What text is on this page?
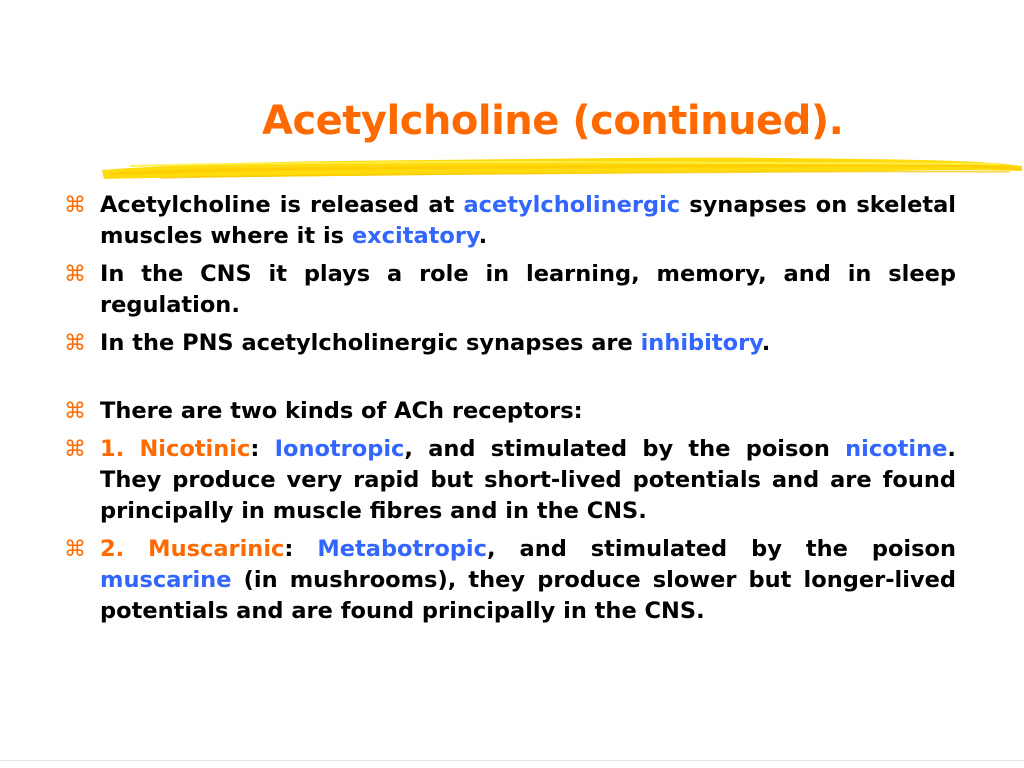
Acetylcholine (continued).
⌘ Acetylcholine is released at acetylcholinergic synapses on skeletal muscles where it is excitatory.
⌘ In the CNS it plays a role in learning, memory, and in sleep regulation.
⌘ In the PNS acetylcholinergic synapses are inhibitory.
⌘ There are two kinds of ACh receptors:
⌘ 1. Nicotinic: Ionotropic, and stimulated by the poison nicotine. They produce very rapid but short-lived potentials and are found principally in muscle fibres and in the CNS.
⌘ 2. Muscarinic: Metabotropic, and stimulated by the poison muscarine (in mushrooms), they produce slower but longer-lived potentials and are found principally in the CNS.
